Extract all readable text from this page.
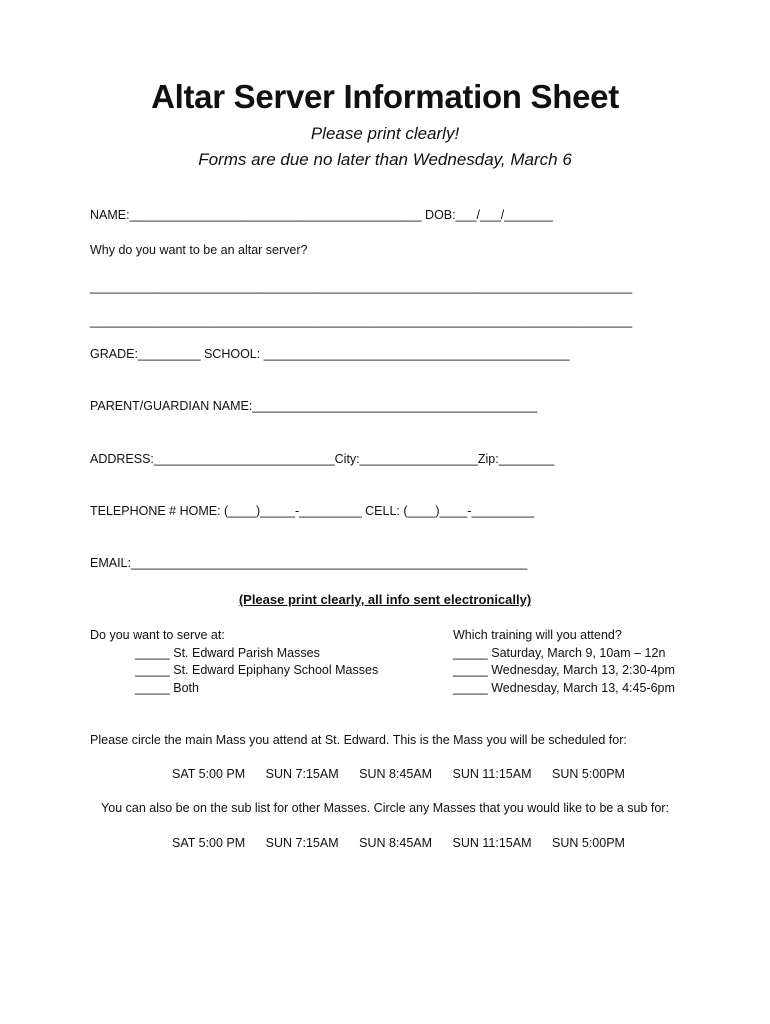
Altar Server Information Sheet
Please print clearly!
Forms are due no later than Wednesday, March 6
NAME:__________________________________________ DOB:___/___/_______
Why do you want to be an altar server?
______________________________________________________________________________
______________________________________________________________________________
GRADE:_________ SCHOOL: ____________________________________________
PARENT/GUARDIAN NAME:_________________________________________
ADDRESS:__________________________City:_________________Zip:________
TELEPHONE # HOME: (____)_____-_________ CELL: (____)____-_________
EMAIL:_________________________________________________________
(Please print clearly, all info sent electronically)
Do you want to serve at:
_____ St. Edward Parish Masses
_____ St. Edward Epiphany School Masses
_____ Both
Which training will you attend?
_____ Saturday, March 9, 10am – 12n
_____ Wednesday, March 13, 2:30-4pm
_____ Wednesday, March 13, 4:45-6pm
Please circle the main Mass you attend at St. Edward. This is the Mass you will be scheduled for:
SAT 5:00 PM SUN 7:15AM SUN 8:45AM SUN 11:15AM SUN 5:00PM
You can also be on the sub list for other Masses. Circle any Masses that you would like to be a sub for:
SAT 5:00 PM SUN 7:15AM SUN 8:45AM SUN 11:15AM SUN 5:00PM
